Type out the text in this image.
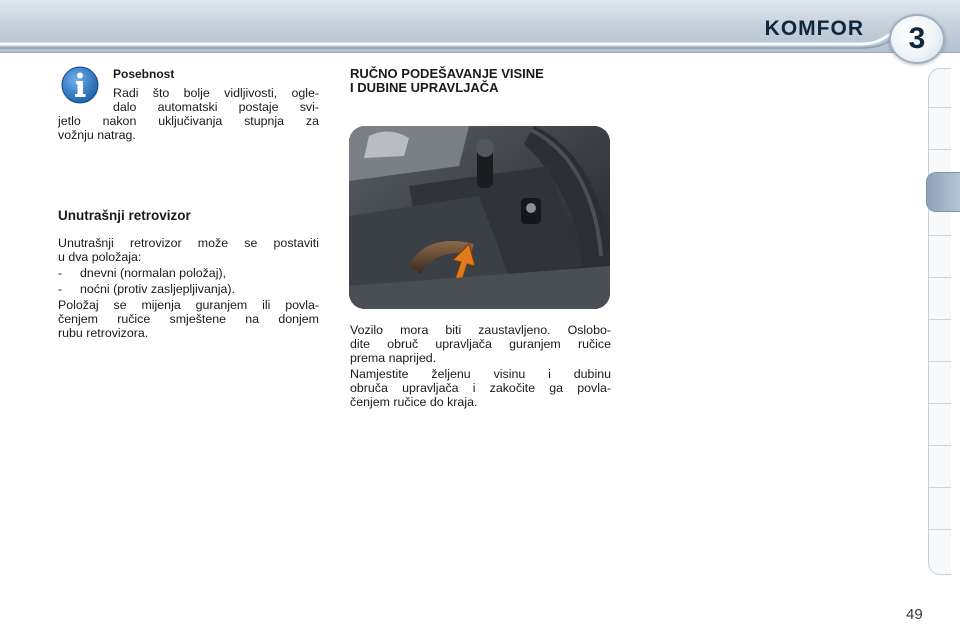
KOMFOR	3
Posebnost
Radi što bolje vidljivosti, ogle-
dalo automatski postaje svi-
jetlo nakon uključivanja stupnja za
vožnju natrag.
Unutrašnji retrovizor
Unutrašnji retrovizor može se postaviti
u dva položaja:
- dnevni (normalan položaj),
- noćni (protiv zasljepljivanja).
Položaj se mijenja guranjem ili povla-
čenjem ručice smještene na donjem
rubu retrovizora.
RUČNO PODEŠAVANJE VISINE
I DUBINE UPRAVLJAČA
Vozilo mora biti zaustavljeno. Oslobo-
dite obruč upravljača guranjem ručice
prema naprijed.
Namjestite željenu visinu i dubinu
obruča upravljača i zakočite ga povla-
čenjem ručice do kraja.
49
